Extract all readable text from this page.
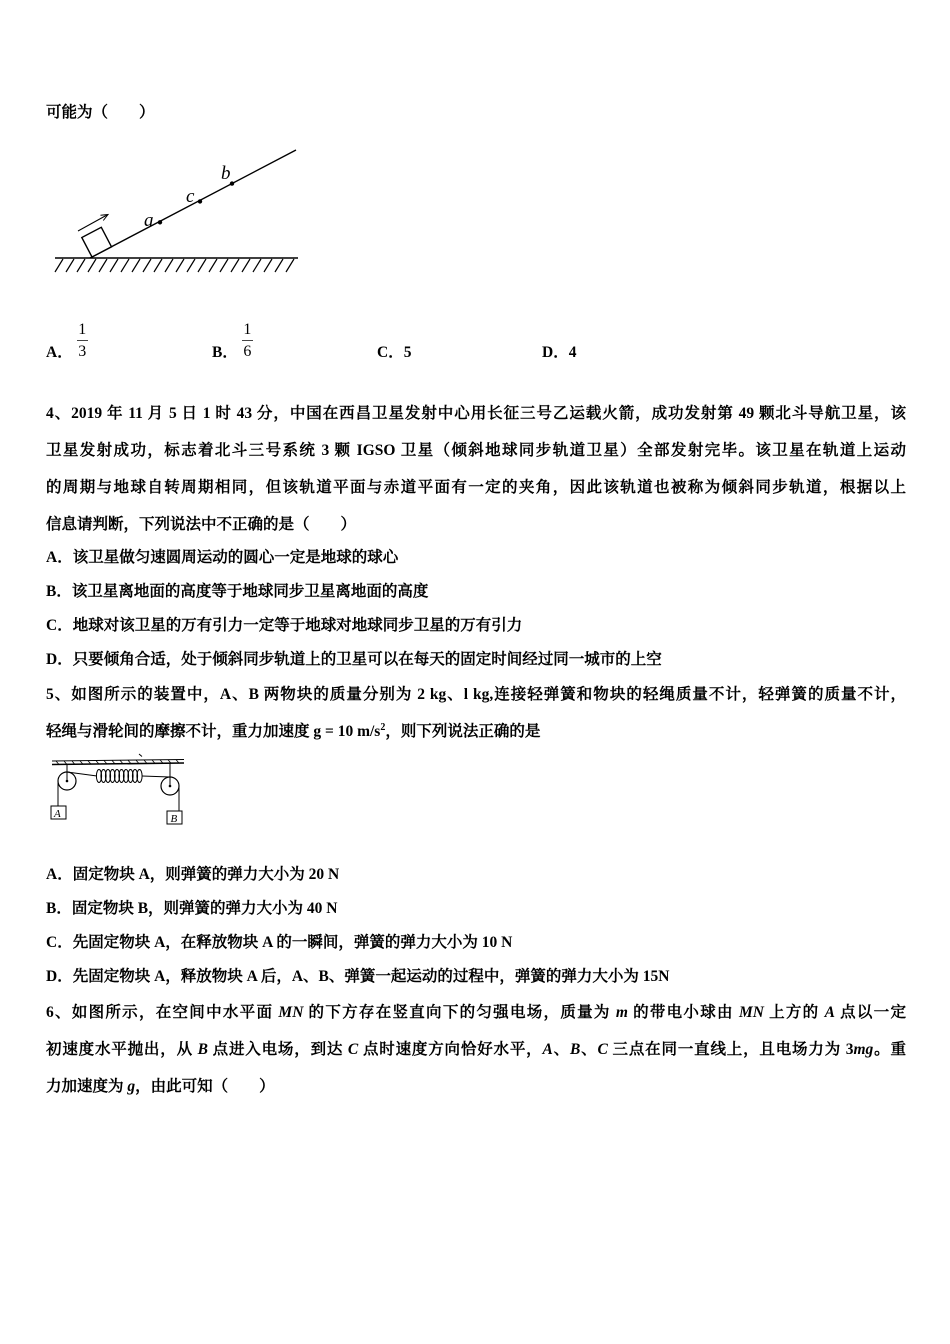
可能为（　　）
a
c
b
A． $\frac{1}{3}$	B． $\frac{1}{6}$	C． 5	D． 4
4、2019 年 11 月 5 日 1 时 43 分，中国在西昌卫星发射中心用长征三号乙运载火箭，成功发射第 49 颗北斗导航卫星，该
卫星发射成功，标志着北斗三号系统 3 颗 IGSO 卫星（倾斜地球同步轨道卫星）全部发射完毕。该卫星在轨道上运动
的周期与地球自转周期相同，但该轨道平面与赤道平面有一定的夹角，因此该轨道也被称为倾斜同步轨道，根据以上
信息请判断，下列说法中不正确的是（　　）
A．该卫星做匀速圆周运动的圆心一定是地球的球心
B．该卫星离地面的高度等于地球同步卫星离地面的高度
C．地球对该卫星的万有引力一定等于地球对地球同步卫星的万有引力
D．只要倾角合适，处于倾斜同步轨道上的卫星可以在每天的固定时间经过同一城市的上空
5、如图所示的装置中，A、B 两物块的质量分别为 2 kg、l kg,连接轻弹簧和物块的轻绳质量不计，轻弹簧的质量不计，
轻绳与滑轮间的摩擦不计，重力加速度 g = 10 $m/s^2$，则下列说法正确的是
A	B
A．固定物块 A，则弹簧的弹力大小为 20 N
B．固定物块 B，则弹簧的弹力大小为 40 N
C．先固定物块 A，在释放物块 A 的一瞬间，弹簧的弹力大小为 10 N
D．先固定物块 A，释放物块 A 后，A、B、弹簧一起运动的过程中，弹簧的弹力大小为 15N
6、如图所示，在空间中水平面 MN 的下方存在竖直向下的匀强电场，质量为 m 的带电小球由 MN 上方的 A 点以一定
初速度水平抛出，从 B 点进入电场，到达 C 点时速度方向恰好水平，A、B、C 三点在同一直线上，且电场力为 3mg。重
力加速度为 g，由此可知（　　）
